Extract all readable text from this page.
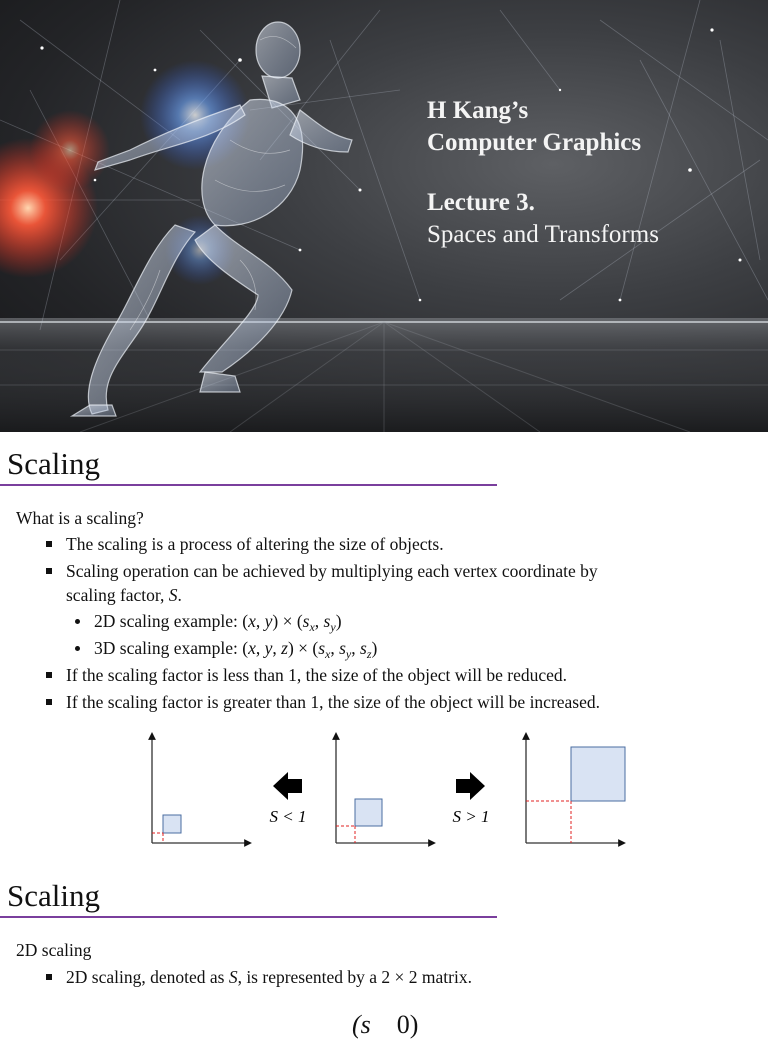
H Kang’s
Computer Graphics
Lecture 3.
Spaces and Transforms
Scaling
What is a scaling?
The scaling is a process of altering the size of objects.
Scaling operation can be achieved by multiplying each vertex coordinate by
scaling factor, S.
2D scaling example: (x, $y) \times (s_x$, $s_y$)
3D scaling example: (x, y, $z) \times (s_x$, $s_y$, $s_z$)
If the scaling factor is less than 1, the size of the object will be reduced.
If the scaling factor is greater than 1, the size of the object will be increased.
S < 1	S > 1
Scaling
2D scaling
2D scaling, denoted as S, is represented by a 2 × 2 matrix.
(s 0)
